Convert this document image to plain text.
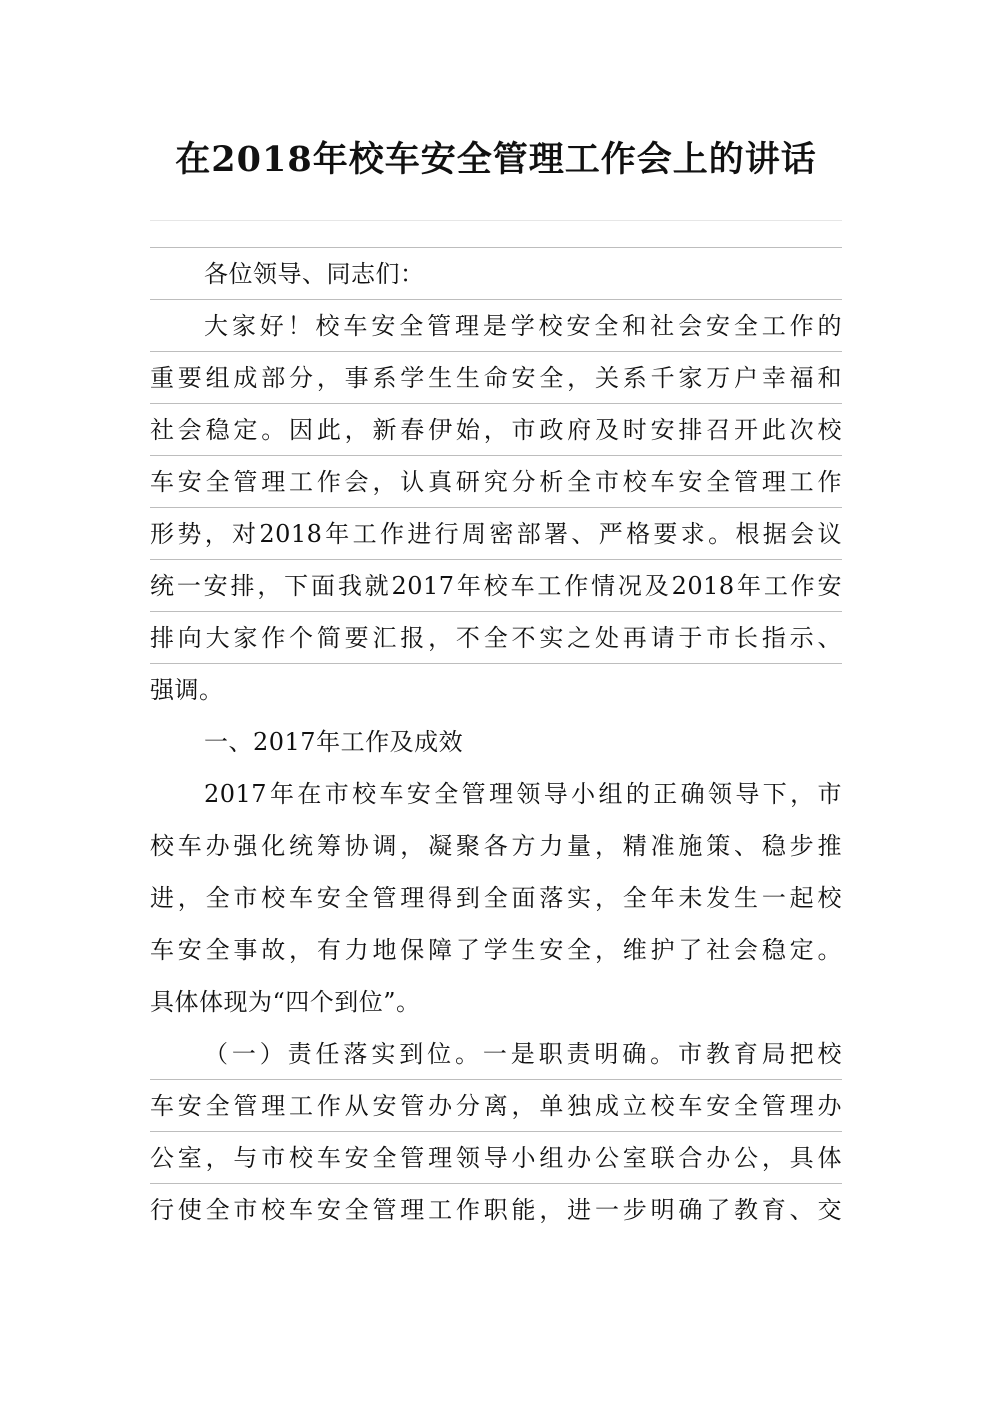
在2018年校车安全管理工作会上的讲话
各位领导、同志们：
大家好！校车安全管理是学校安全和社会安全工作的
重要组成部分，事系学生生命安全，关系千家万户幸福和
社会稳定。因此，新春伊始，市政府及时安排召开此次校
车安全管理工作会，认真研究分析全市校车安全管理工作
形势，对2018年工作进行周密部署、严格要求。根据会议
统一安排，下面我就2017年校车工作情况及2018年工作安
排向大家作个简要汇报，不全不实之处再请于市长指示、
强调。
一、2017年工作及成效
2017年在市校车安全管理领导小组的正确领导下，市
校车办强化统筹协调，凝聚各方力量，精准施策、稳步推
进，全市校车安全管理得到全面落实，全年未发生一起校
车安全事故，有力地保障了学生安全，维护了社会稳定。
具体体现为“四个到位”。
（一）责任落实到位。一是职责明确。市教育局把校
车安全管理工作从安管办分离，单独成立校车安全管理办
公室，与市校车安全管理领导小组办公室联合办公，具体
行使全市校车安全管理工作职能，进一步明确了教育、交
